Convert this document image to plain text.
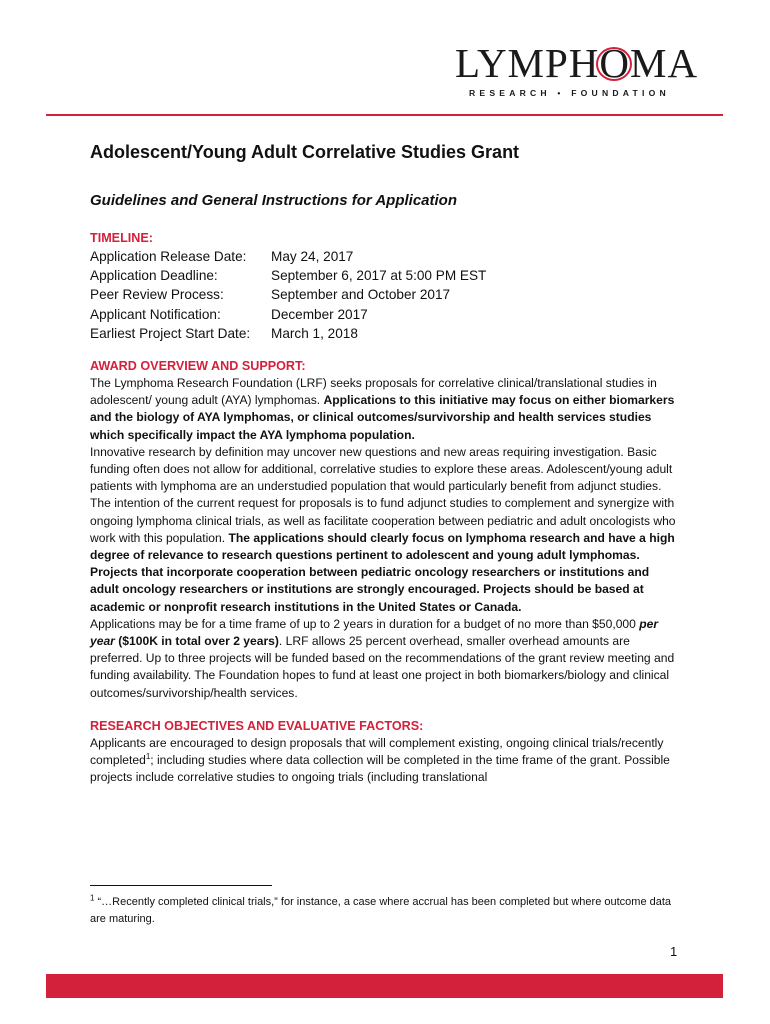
LYMPH
OMA
RESEARCH • FOUNDATION
Adolescent/Young Adult Correlative Studies Grant
Guidelines and General Instructions for Application
TIMELINE:
Application Release Date:	May 24, 2017
Application Deadline:	September 6, 2017 at 5:00 PM EST
Peer Review Process:	September and October 2017
Applicant Notification:	December 2017
Earliest Project Start Date:	March 1, 2018
AWARD OVERVIEW AND SUPPORT:

The Lymphoma Research Foundation (LRF) seeks proposals for correlative clinical/translational studies in adolescent/ young adult (AYA) lymphomas. Applications to this initiative may focus on either biomarkers and the biology of AYA lymphomas, or clinical outcomes/survivorship and health services studies which specifically impact the AYA lymphoma population.

Innovative research by definition may uncover new questions and new areas requiring investigation. Basic funding often does not allow for additional, correlative studies to explore these areas. Adolescent/young adult patients with lymphoma are an understudied population that would particularly benefit from adjunct studies. The intention of the current request for proposals is to fund adjunct studies to complement and synergize with ongoing lymphoma clinical trials, as well as facilitate cooperation between pediatric and adult oncologists who work with this population. The applications should clearly focus on lymphoma research and have a high degree of relevance to research questions pertinent to adolescent and young adult lymphomas. Projects that incorporate cooperation between pediatric oncology researchers or institutions and adult oncology researchers or institutions are strongly encouraged. Projects should be based at academic or nonprofit research institutions in the United States or Canada.

Applications may be for a time frame of up to 2 years in duration for a budget of no more than $50,000 per year ($100K in total over 2 years). LRF allows 25 percent overhead, smaller overhead amounts are preferred. Up to three projects will be funded based on the recommendations of the grant review meeting and funding availability. The Foundation hopes to fund at least one project in both biomarkers/biology and clinical outcomes/survivorship/health services.

RESEARCH OBJECTIVES AND EVALUATIVE FACTORS:

Applicants are encouraged to design proposals that will complement existing, ongoing clinical trials/recently completed$^1$; including studies where data collection will be completed in the time frame of the grant. Possible projects include correlative studies to ongoing trials (including translational

$^1$ “…Recently completed clinical trials,” for instance, a case where accrual has been completed but where outcome data are maturing.
1
